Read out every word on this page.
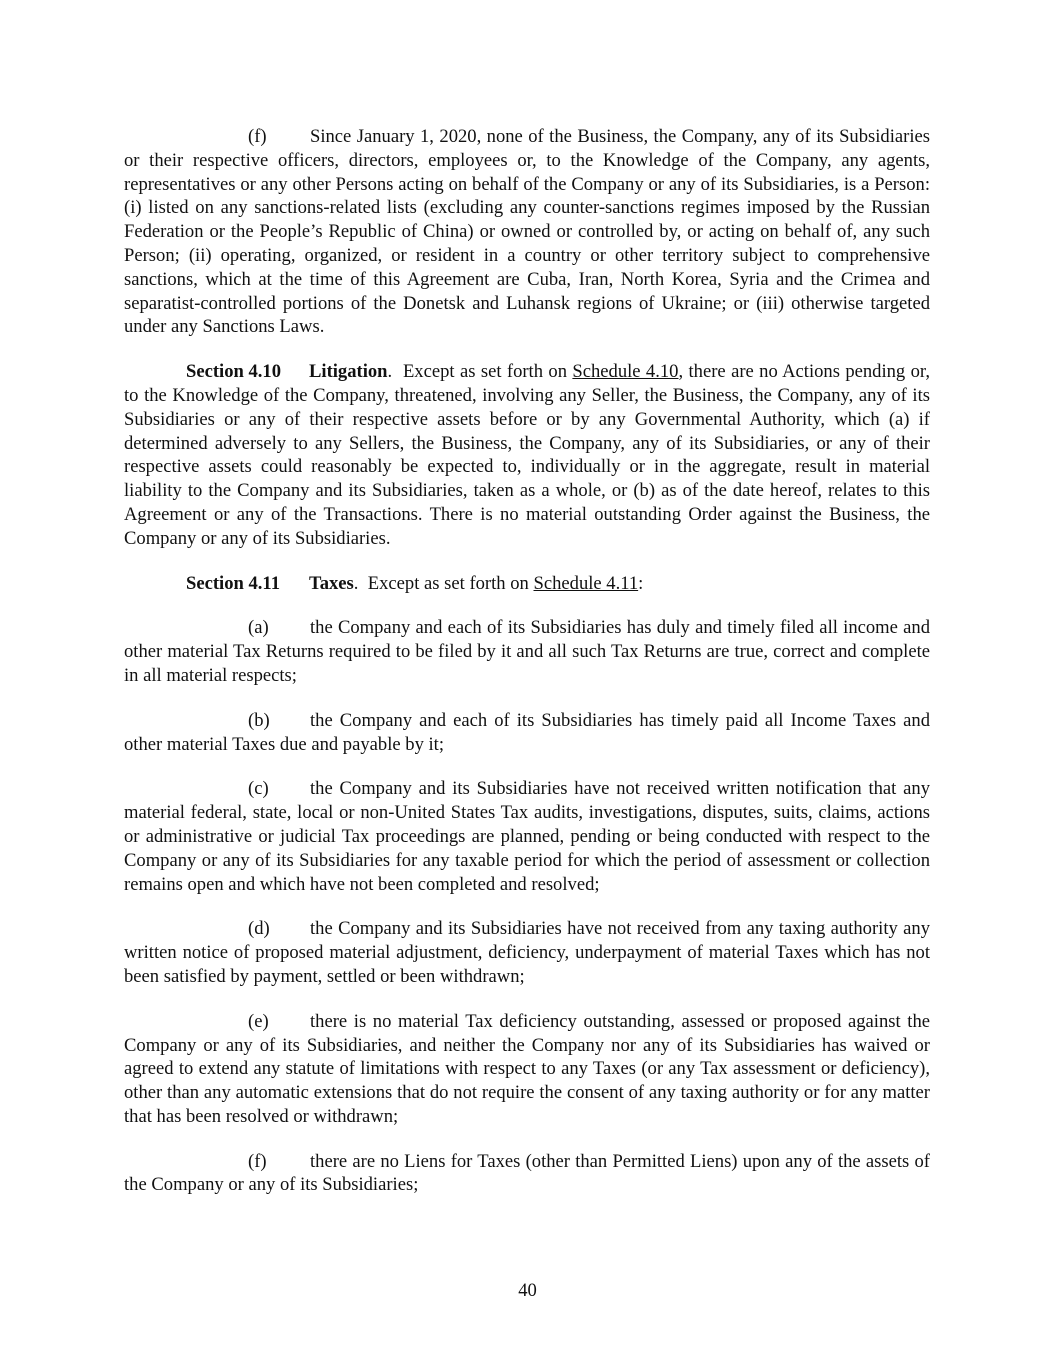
(f) Since January 1, 2020, none of the Business, the Company, any of its Subsidiaries or their respective officers, directors, employees or, to the Knowledge of the Company, any agents, representatives or any other Persons acting on behalf of the Company or any of its Subsidiaries, is a Person: (i) listed on any sanctions-related lists (excluding any counter-sanctions regimes imposed by the Russian Federation or the People’s Republic of China) or owned or controlled by, or acting on behalf of, any such Person; (ii) operating, organized, or resident in a country or other territory subject to comprehensive sanctions, which at the time of this Agreement are Cuba, Iran, North Korea, Syria and the Crimea and separatist-controlled portions of the Donetsk and Luhansk regions of Ukraine; or (iii) otherwise targeted under any Sanctions Laws.

Section 4.10 Litigation. Except as set forth on Schedule 4.10, there are no Actions pending or, to the Knowledge of the Company, threatened, involving any Seller, the Business, the Company, any of its Subsidiaries or any of their respective assets before or by any Governmental Authority, which (a) if determined adversely to any Sellers, the Business, the Company, any of its Subsidiaries, or any of their respective assets could reasonably be expected to, individually or in the aggregate, result in material liability to the Company and its Subsidiaries, taken as a whole, or (b) as of the date hereof, relates to this Agreement or any of the Transactions. There is no material outstanding Order against the Business, the Company or any of its Subsidiaries.

Section 4.11 Taxes. Except as set forth on Schedule 4.11:

(a) the Company and each of its Subsidiaries has duly and timely filed all income and other material Tax Returns required to be filed by it and all such Tax Returns are true, correct and complete in all material respects;

(b) the Company and each of its Subsidiaries has timely paid all Income Taxes and other material Taxes due and payable by it;

(c) the Company and its Subsidiaries have not received written notification that any material federal, state, local or non-United States Tax audits, investigations, disputes, suits, claims, actions or administrative or judicial Tax proceedings are planned, pending or being conducted with respect to the Company or any of its Subsidiaries for any taxable period for which the period of assessment or collection remains open and which have not been completed and resolved;

(d) the Company and its Subsidiaries have not received from any taxing authority any written notice of proposed material adjustment, deficiency, underpayment of material Taxes which has not been satisfied by payment, settled or been withdrawn;

(e) there is no material Tax deficiency outstanding, assessed or proposed against the Company or any of its Subsidiaries, and neither the Company nor any of its Subsidiaries has waived or agreed to extend any statute of limitations with respect to any Taxes (or any Tax assessment or deficiency), other than any automatic extensions that do not require the consent of any taxing authority or for any matter that has been resolved or withdrawn;

(f) there are no Liens for Taxes (other than Permitted Liens) upon any of the assets of the Company or any of its Subsidiaries;

40
